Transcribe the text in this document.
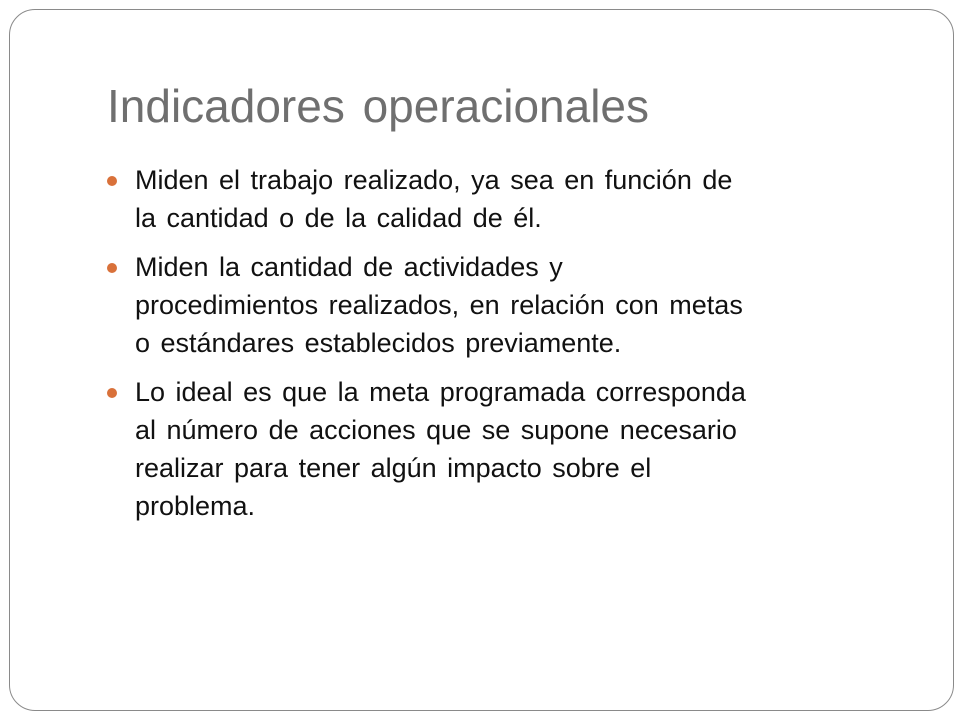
Indicadores operacionales
Miden el trabajo realizado, ya sea en función de
la cantidad o de la calidad de él.
Miden la cantidad de actividades y
procedimientos realizados, en relación con metas
o estándares establecidos previamente.
Lo ideal es que la meta programada corresponda
al número de acciones que se supone necesario
realizar para tener algún impacto sobre el
problema.
